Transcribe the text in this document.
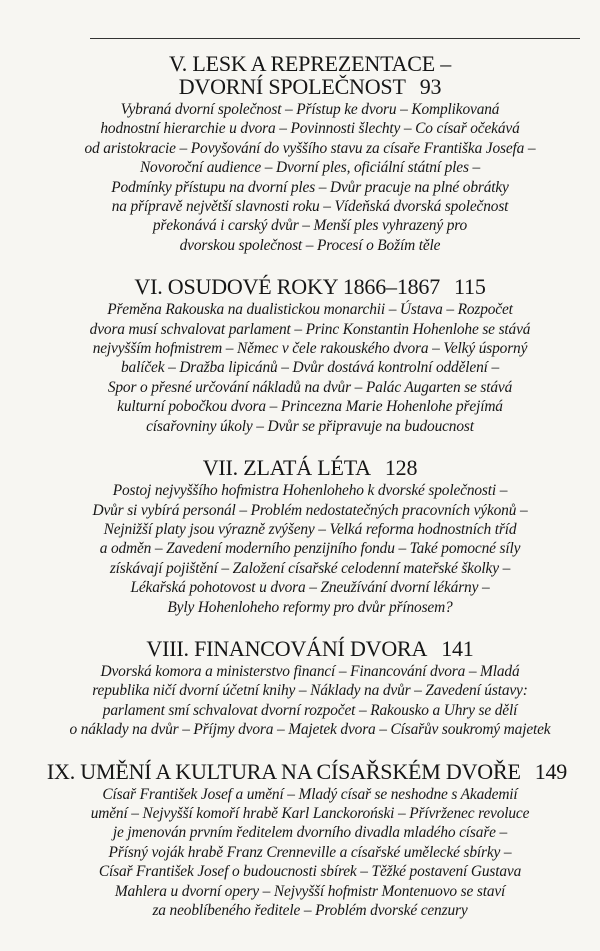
V. LESK A REPREZENTACE –
DVORNÍ SPOLEČNOST 93

Vybraná dvorní společnost – Přístup ke dvoru – Komplikovaná
hodnostní hierarchie u dvora – Povinnosti šlechty – Co císař očekává
od aristokracie – Povyšování do vyššího stavu za císaře Františka Josefa –
Novoroční audience – Dvorní ples, oficiální státní ples –
Podmínky přístupu na dvorní ples – Dvůr pracuje na plné obrátky
na přípravě největší slavnosti roku – Vídeňská dvorská společnost
překonává i carský dvůr – Menší ples vyhrazený pro
dvorskou společnost – Procesí o Božím těle

VI. OSUDOVÉ ROKY 1866–1867 115

Přeměna Rakouska na dualistickou monarchii – Ústava – Rozpočet
dvora musí schvalovat parlament – Princ Konstantin Hohenlohe se stává
nejvyšším hofmistrem – Němec v čele rakouského dvora – Velký úsporný
balíček – Dražba lipicánů – Dvůr dostává kontrolní oddělení –
Spor o přesné určování nákladů na dvůr – Palác Augarten se stává
kulturní pobočkou dvora – Princezna Marie Hohenlohe přejímá
císařovniny úkoly – Dvůr se připravuje na budoucnost

VII. ZLATÁ LÉTA 128

Postoj nejvyššího hofmistra Hohenloheho k dvorské společnosti –
Dvůr si vybírá personál – Problém nedostatečných pracovních výkonů –
Nejnižší platy jsou výrazně zvýšeny – Velká reforma hodnostních tříd
a odměn – Zavedení moderního penzijního fondu – Také pomocné síly
získávají pojištění – Založení císařské celodenní mateřské školky –
Lékařská pohotovost u dvora – Zneužívání dvorní lékárny –
Byly Hohenloheho reformy pro dvůr přínosem?

VIII. FINANCOVÁNÍ DVORA 141

Dvorská komora a ministerstvo financí – Financování dvora – Mladá
republika ničí dvorní účetní knihy – Náklady na dvůr – Zavedení ústavy:
parlament smí schvalovat dvorní rozpočet – Rakousko a Uhry se dělí
o náklady na dvůr – Příjmy dvora – Majetek dvora – Císařův soukromý majetek

IX. UMĚNÍ A KULTURA NA CÍSAŘSKÉM DVOŘE 149

Císař František Josef a umění – Mladý císař se neshodne s Akademií
umění – Nejvyšší komoří hrabě Karl Lanckoroński – Přívrženec revoluce
je jmenován prvním ředitelem dvorního divadla mladého císaře –
Přísný voják hrabě Franz Crenneville a císařské umělecké sbírky –
Císař František Josef o budoucnosti sbírek – Těžké postavení Gustava
Mahlera u dvorní opery – Nejvyšší hofmistr Montenuovo se staví
za neoblíbeného ředitele – Problém dvorské cenzury
